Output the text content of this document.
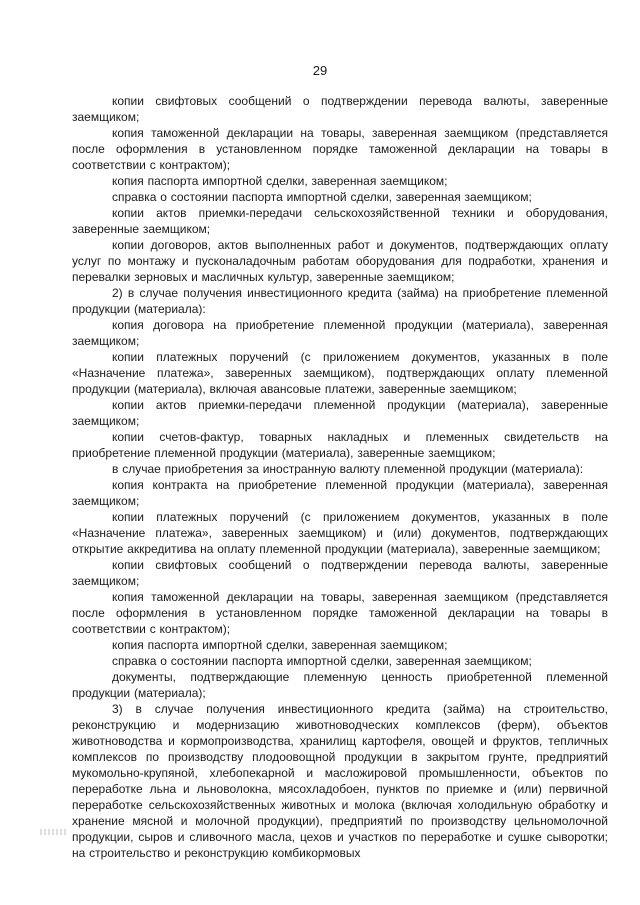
29

копии свифтовых сообщений о подтверждении перевода валюты, заверенные заемщиком;

копия таможенной декларации на товары, заверенная заемщиком (представляется после оформления в установленном порядке таможенной декларации на товары в соответствии с контрактом);

копия паспорта импортной сделки, заверенная заемщиком;

справка о состоянии паспорта импортной сделки, заверенная заемщиком;

копии актов приемки-передачи сельскохозяйственной техники и оборудования, заверенные заемщиком;

копии договоров, актов выполненных работ и документов, подтверждающих оплату услуг по монтажу и пусконаладочным работам оборудования для подработки, хранения и перевалки зерновых и масличных культур, заверенные заемщиком;

2) в случае получения инвестиционного кредита (займа) на приобретение племенной продукции (материала):

копия договора на приобретение племенной продукции (материала), заверенная заемщиком;

копии платежных поручений (с приложением документов, указанных в поле «Назначение платежа», заверенных заемщиком), подтверждающих оплату племенной продукции (материала), включая авансовые платежи, заверенные заемщиком;

копии актов приемки-передачи племенной продукции (материала), заверенные заемщиком;

копии счетов-фактур, товарных накладных и племенных свидетельств на приобретение племенной продукции (материала), заверенные заемщиком;

в случае приобретения за иностранную валюту племенной продукции (материала):

копия контракта на приобретение племенной продукции (материала), заверенная заемщиком;

копии платежных поручений (с приложением документов, указанных в поле «Назначение платежа», заверенных заемщиком) и (или) документов, подтверждающих открытие аккредитива на оплату племенной продукции (материала), заверенные заемщиком;

копии свифтовых сообщений о подтверждении перевода валюты, заверенные заемщиком;

копия таможенной декларации на товары, заверенная заемщиком (представляется после оформления в установленном порядке таможенной декларации на товары в соответствии с контрактом);

копия паспорта импортной сделки, заверенная заемщиком;

справка о состоянии паспорта импортной сделки, заверенная заемщиком;

документы, подтверждающие племенную ценность приобретенной племенной продукции (материала);

3) в случае получения инвестиционного кредита (займа) на строительство, реконструкцию и модернизацию животноводческих комплексов (ферм), объектов животноводства и кормопроизводства, хранилищ картофеля, овощей и фруктов, тепличных комплексов по производству плодоовощной продукции в закрытом грунте, предприятий мукомольно-крупяной, хлебопекарной и масложировой промышленности, объектов по переработке льна и льноволокна, мясохладобоен, пунктов по приемке и (или) первичной переработке сельскохозяйственных животных и молока (включая холодильную обработку и хранение мясной и молочной продукции), предприятий по производству цельномолочной продукции, сыров и сливочного масла, цехов и участков по переработке и сушке сыворотки; на строительство и реконструкцию комбикормовых
